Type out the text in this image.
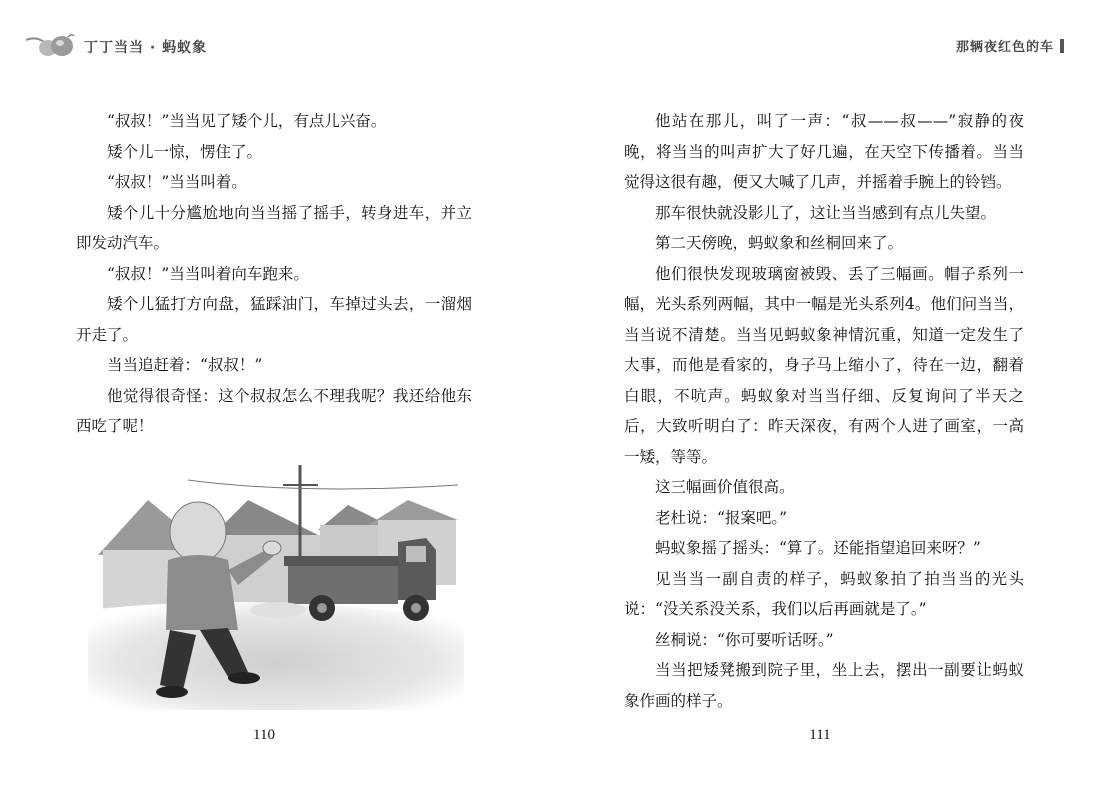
丁丁当当 · 蚂蚁象

“叔叔！”当当见了矮个儿，有点儿兴奋。

矮个儿一惊，愣住了。

“叔叔！”当当叫着。

矮个儿十分尴尬地向当当摇了摇手，转身进车，并立即发动汽车。

“叔叔！”当当叫着向车跑来。

矮个儿猛打方向盘，猛踩油门，车掉过头去，一溜烟开走了。

当当追赶着：“叔叔！”

他觉得很奇怪：这个叔叔怎么不理我呢？我还给他东西吃了呢！

110
那辆夜红色的车

他站在那儿，叫了一声：“叔——叔——”寂静的夜晚，将当当的叫声扩大了好几遍，在天空下传播着。当当觉得这很有趣，便又大喊了几声，并摇着手腕上的铃铛。

那车很快就没影儿了，这让当当感到有点儿失望。

第二天傍晚，蚂蚁象和丝桐回来了。

他们很快发现玻璃窗被毁、丢了三幅画。帽子系列一幅，光头系列两幅，其中一幅是光头系列4。他们问当当，当当说不清楚。当当见蚂蚁象神情沉重，知道一定发生了大事，而他是看家的，身子马上缩小了，待在一边，翻着白眼，不吭声。蚂蚁象对当当仔细、反复询问了半天之后，大致听明白了：昨天深夜，有两个人进了画室，一高一矮，等等。

这三幅画价值很高。

老杜说：“报案吧。”

蚂蚁象摇了摇头：“算了。还能指望追回来呀？”

见当当一副自责的样子，蚂蚁象拍了拍当当的光头说：“没关系没关系，我们以后再画就是了。”

丝桐说：“你可要听话呀。”

当当把矮凳搬到院子里，坐上去，摆出一副要让蚂蚁象作画的样子。

111
